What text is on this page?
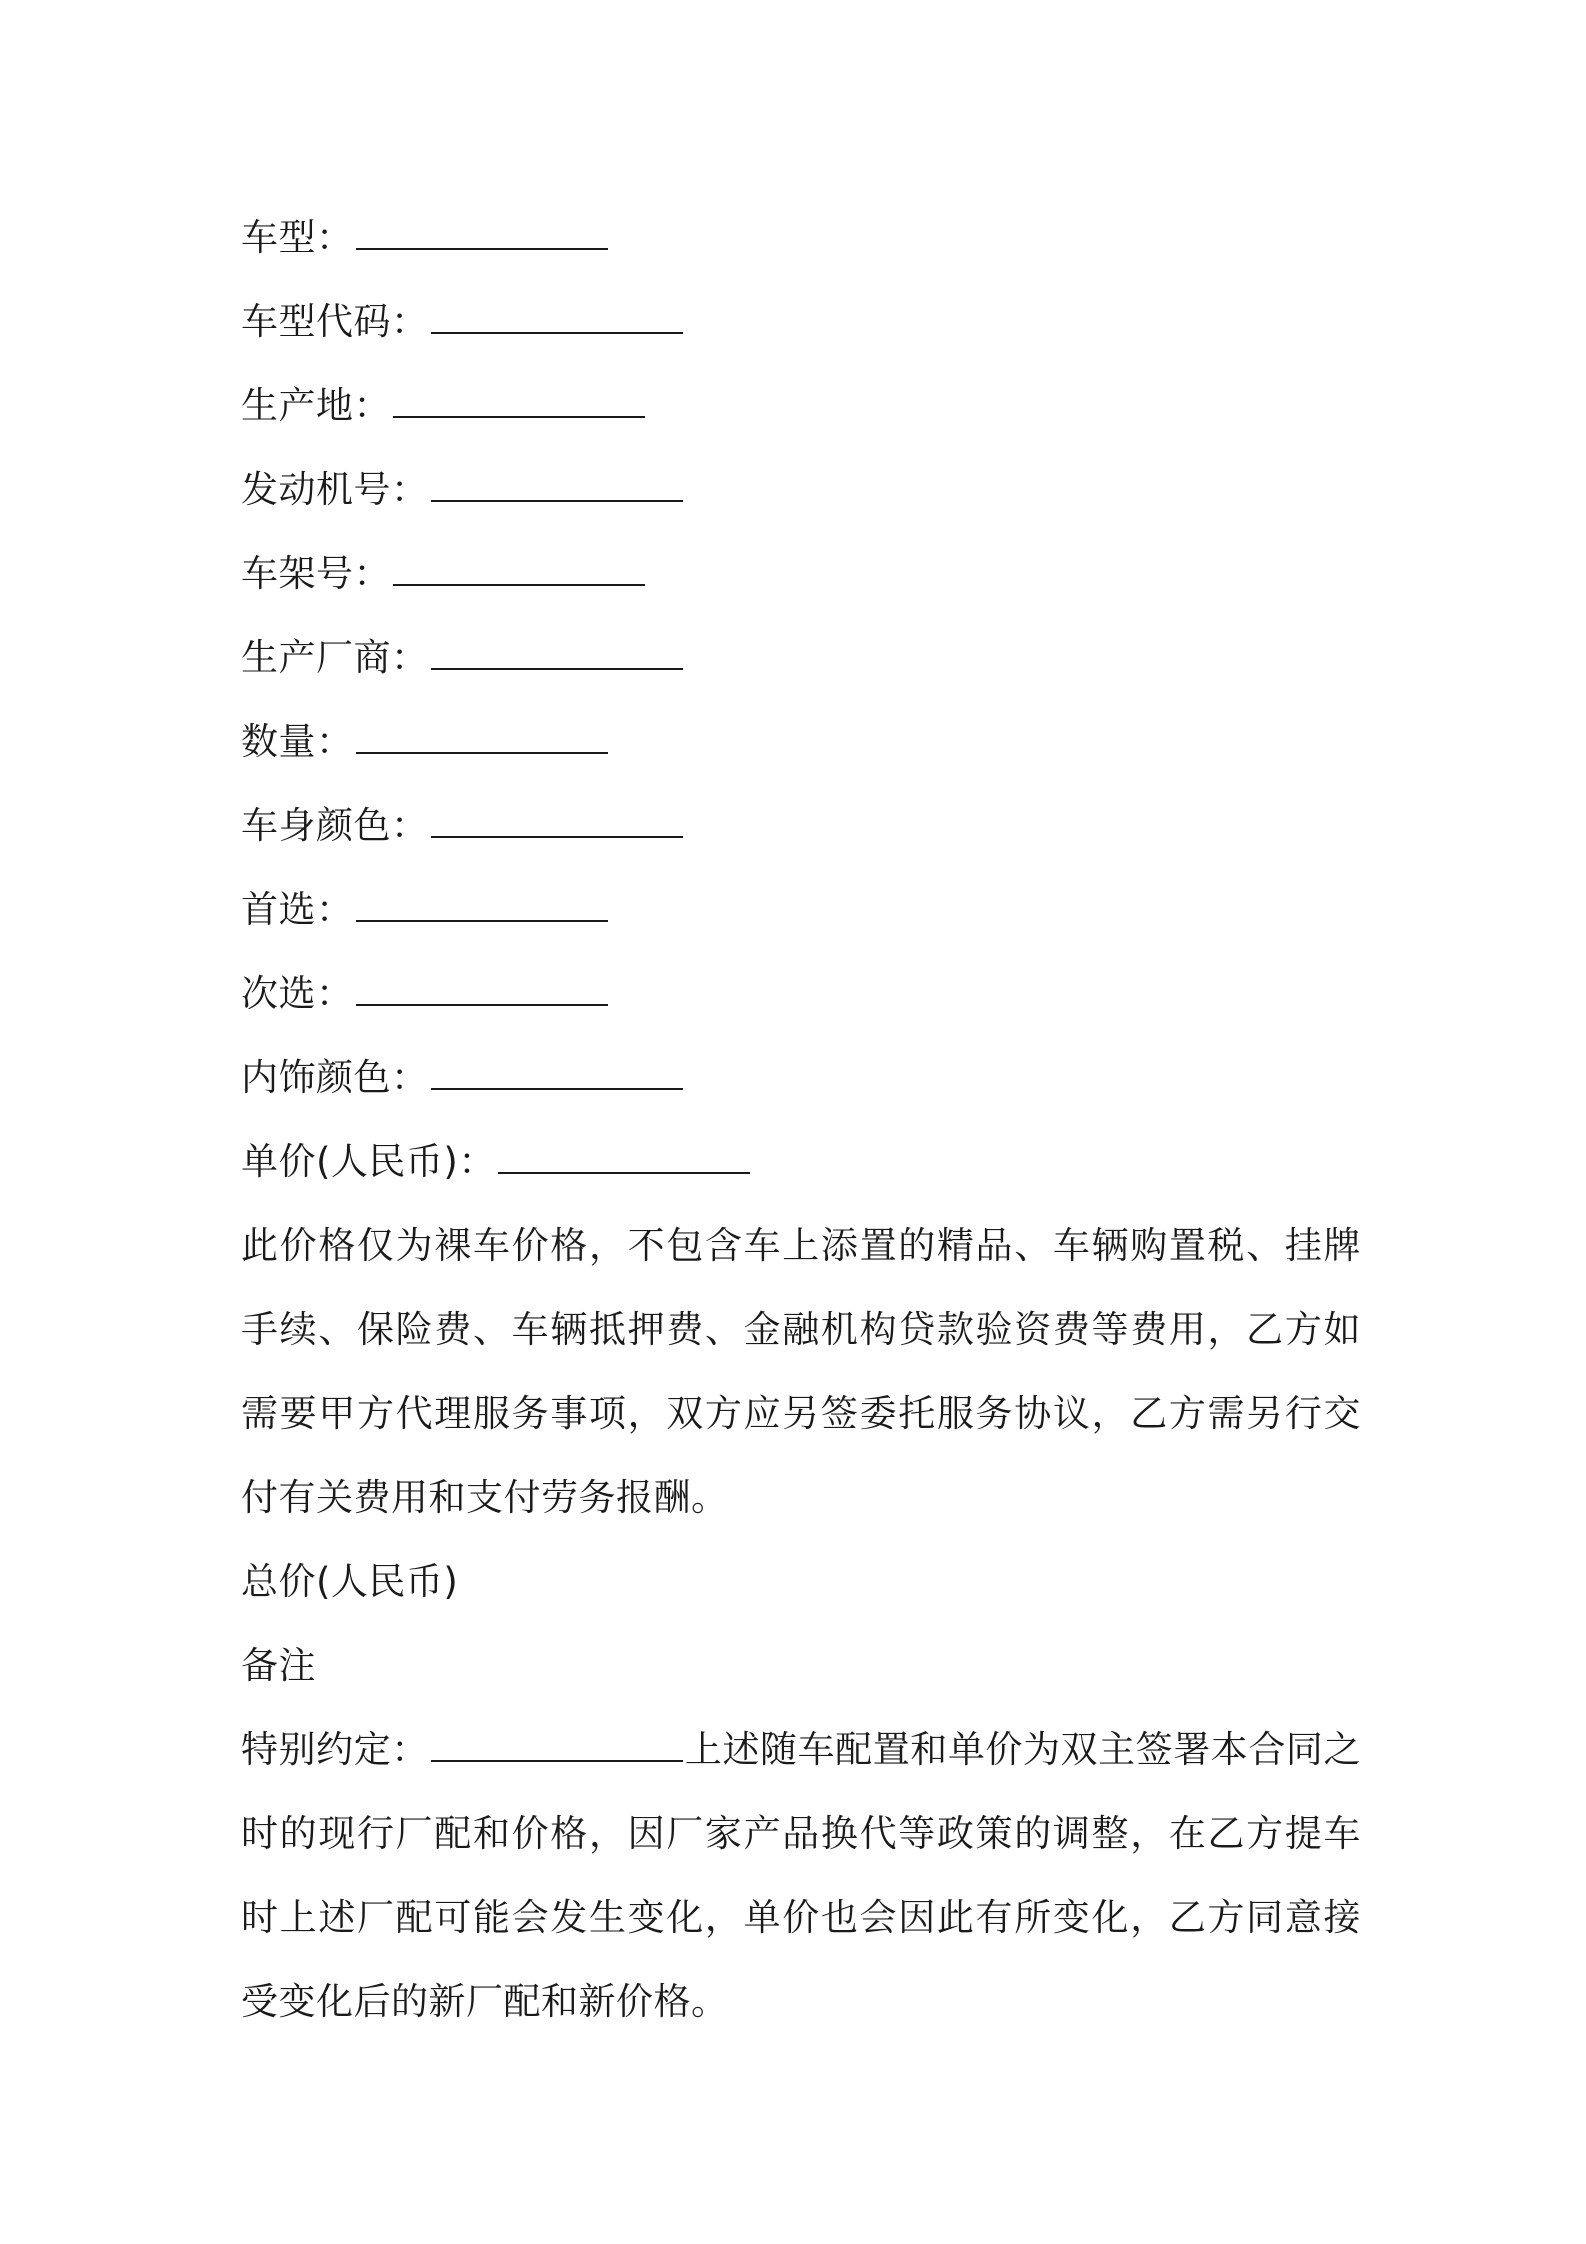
车型：
车型代码：
生产地：
发动机号：
车架号：
生产厂商：
数量：
车身颜色：
首选：
次选：
内饰颜色：
单价(人民币)：
此价格仅为裸车价格，不包含车上添置的精品、车辆购置税、挂牌手续、保险费、车辆抵押费、金融机构贷款验资费等费用，乙方如需要甲方代理服务事项，双方应另签委托服务协议，乙方需另行交付有关费用和支付劳务报酬。
总价(人民币)
备注
特别约定：	上述随车配置和单价为双主签署本合同之时的现行厂配和价格，因厂家产品换代等政策的调整，在乙方提车时上述厂配可能会发生变化，单价也会因此有所变化，乙方同意接受变化后的新厂配和新价格。
